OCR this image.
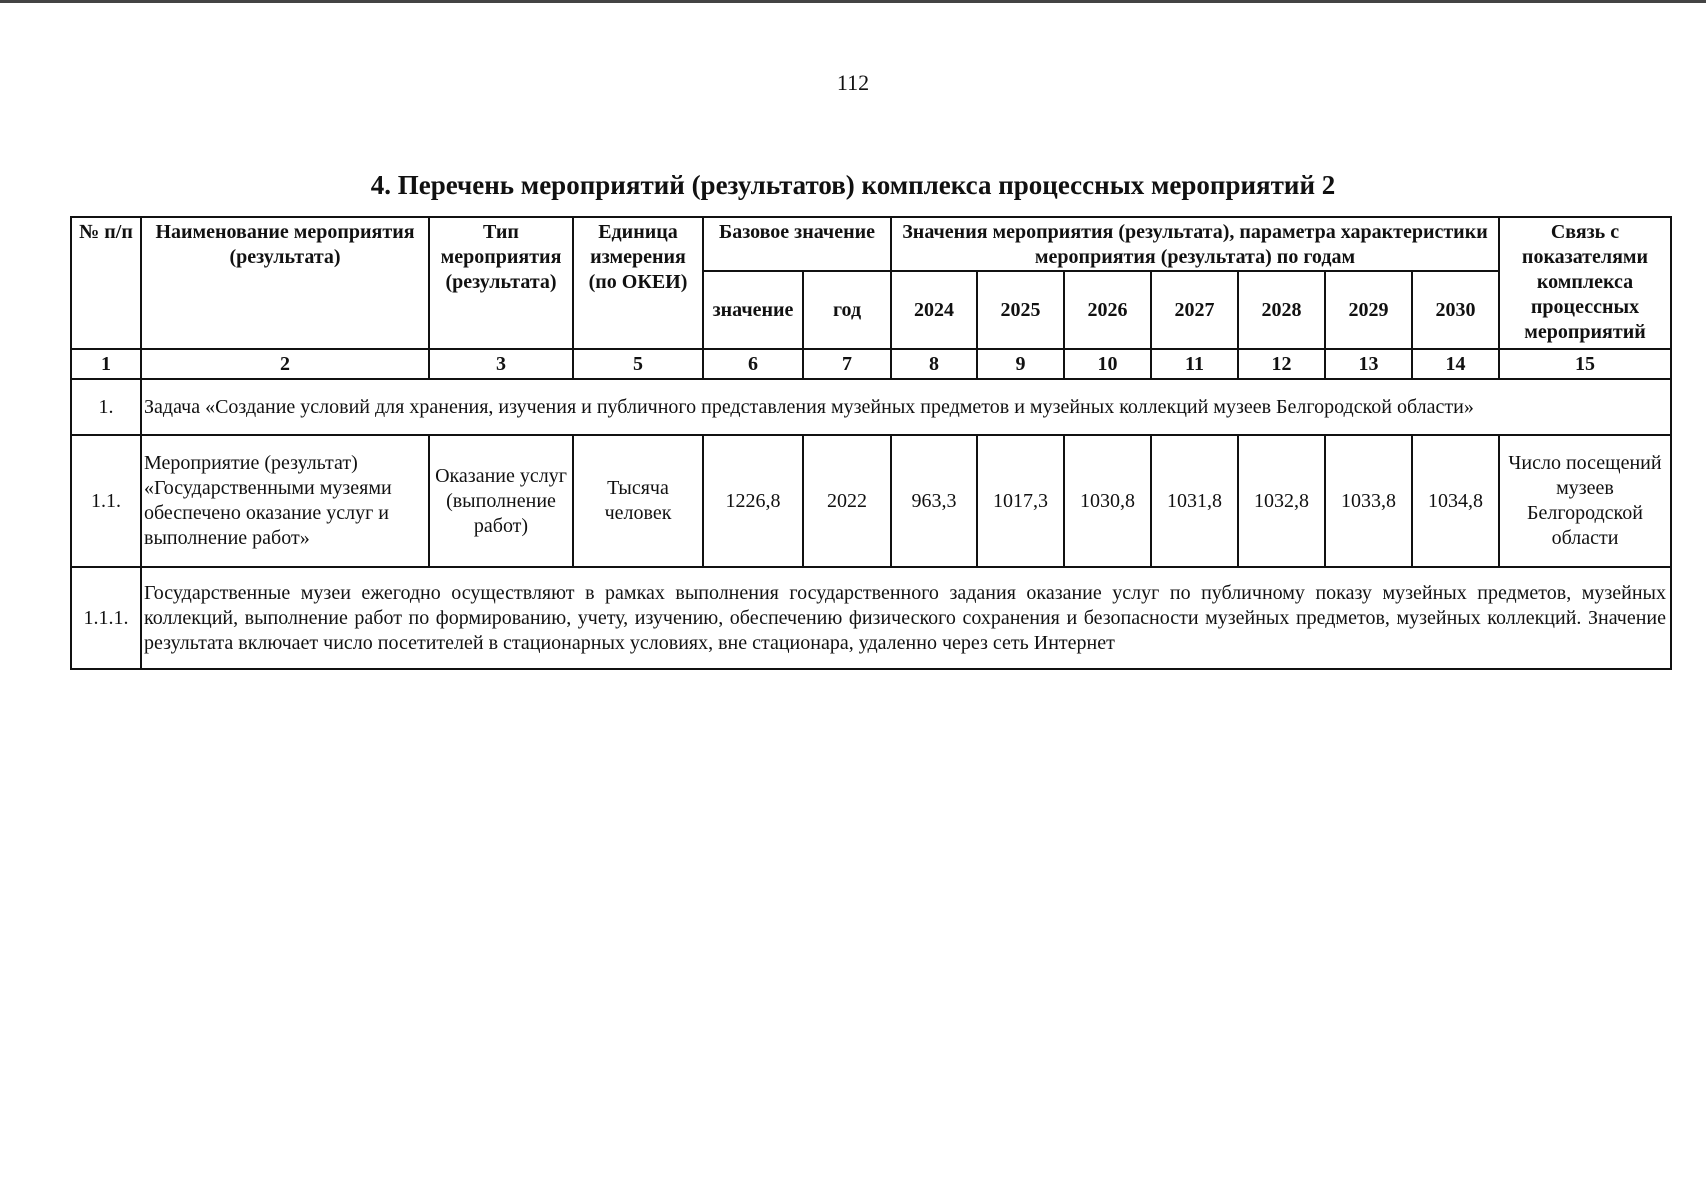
112
4. Перечень мероприятий (результатов) комплекса процессных мероприятий 2
№ п/п	Наименование мероприятия (результата)	Тип мероприятия (результата)	Единица измерения (по ОКЕИ)	Базовое значение		Значения мероприятия (результата), параметра характеристики мероприятия (результата) по годам							Связь с показателями комплекса процессных мероприятий
				значение	год	2024	2025	2026	2027	2028	2029	2030	
1	2	3	5	6	7	8	9	10	11	12	13	14	15
1.	Задача «Создание условий для хранения, изучения и публичного представления музейных предметов и музейных коллекций музеев Белгородской области»												
1.1.	Мероприятие (результат) «Государственными музеями обеспечено оказание услуг и выполнение работ»	Оказание услуг (выполнение работ)	Тысяча человек	1226,8	2022	963,3	1017,3	1030,8	1031,8	1032,8	1033,8	1034,8	Число посещений музеев Белгородской области
1.1.1.	Государственные музеи ежегодно осуществляют в рамках выполнения государственного задания оказание услуг по публичному показу музейных предметов, музейных коллекций, выполнение работ по формированию, учету, изучению, обеспечению физического сохранения и безопасности музейных предметов, музейных коллекций. Значение результата включает число посетителей в стационарных условиях, вне стационара, удаленно через сеть Интернет												
